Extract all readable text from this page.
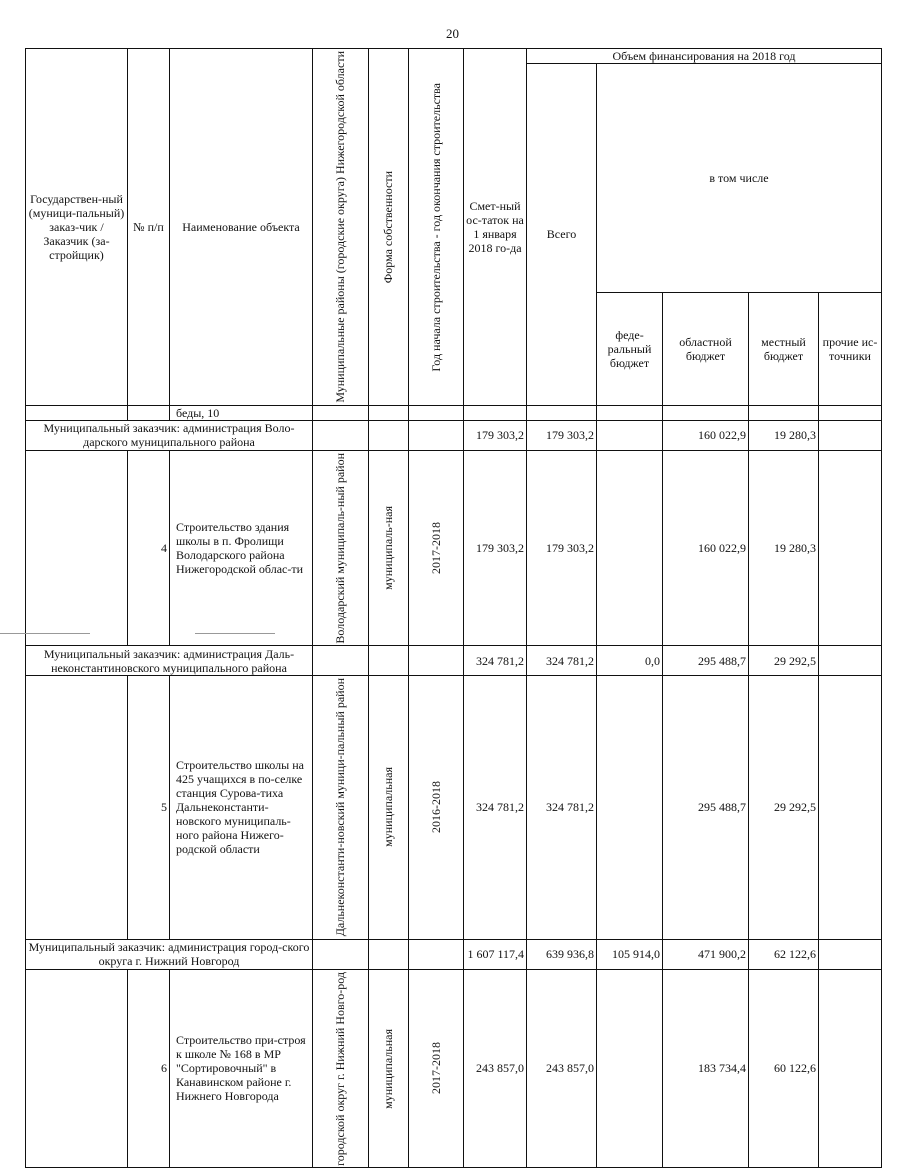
20
Государствен-ный (муници-пальный) заказ-чик / Заказчик (за-стройщик)	№ п/п	Наименование объекта	Муниципальные районы (городские округа) Нижегородской области	Форма собственности	Год начала строительства - год окончания строительства	Смет-ный ос-таток на 1 января 2018 го-да	Объем финансирования на 2018 год				
							Всего	в том числе			
								феде-ральный бюджет	областной бюджет	местный бюджет	прочие ис-точники
		беды, 10									
Муниципальный заказчик: администрация Воло-дарского муниципального района						179 303,2	179 303,2		160 022,9	19 280,3	
	4	Строительство здания школы в п. Фролищи Володарского района Нижегородской облас-ти	Володарский муниципаль-ный район	муниципаль-ная	2017-2018	179 303,2	179 303,2		160 022,9	19 280,3	
Муниципальный заказчик: администрация Даль-неконстантиновского муниципального района						324 781,2	324 781,2	0,0	295 488,7	29 292,5	
	5	Строительство школы на 425 учащихся в по-селке станция Сурова-тиха Дальнеконстанти-новского муниципаль-ного района Нижего-родской области	Дальнеконстанти-новский муници-пальный район	муниципальная	2016-2018	324 781,2	324 781,2		295 488,7	29 292,5	
Муниципальный заказчик: администрация город-ского округа г. Нижний Новгород						1 607 117,4	639 936,8	105 914,0	471 900,2	62 122,6	
	6	Строительство при-строя к школе № 168 в МР "Сортировочный" в Канавинском районе г. Нижнего Новгорода	городской округ г. Нижний Новго-род	муниципальная	2017-2018	243 857,0	243 857,0		183 734,4	60 122,6	
